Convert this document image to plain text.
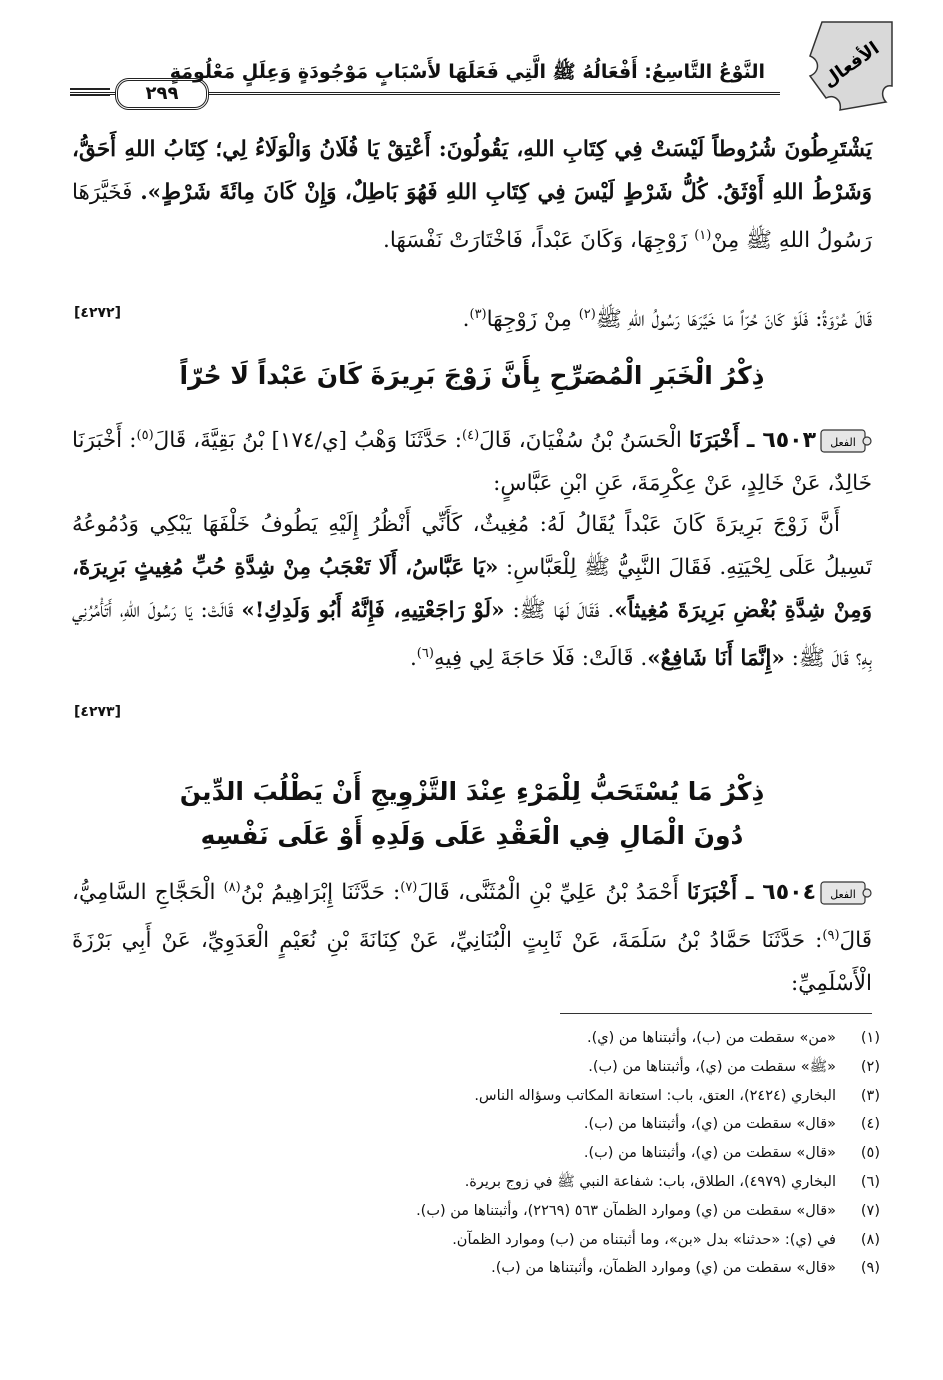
٢٩٩
النَّوْعُ التَّاسِعُ: أَفْعَالُهُ ﷺ الَّتِي فَعَلَهَا لأَسْبَابٍ مَوْجُودَةٍ وَعِلَلٍ مَعْلُومَةٍ	الأفعال
يَشْتَرِطُونَ شُرُوطاً لَيْسَتْ فِي كِتَابِ اللهِ، يَقُولُونَ: أَعْتِقْ يَا فُلَانُ وَالْوَلَاءُ لِي؛ كِتَابُ اللهِ أَحَقُّ، وَشَرْطُ اللهِ أَوْثَقُ. كُلُّ شَرْطٍ لَيْسَ فِي كِتَابِ اللهِ فَهُوَ بَاطِلٌ، وَإِنْ كَانَ مِائَةَ شَرْطٍ». فَخَيَّرَهَا رَسُولُ اللهِ ﷺ مِنْ$^{(١)}$ زَوْجِهَا، وَكَانَ عَبْداً، فَاخْتَارَتْ نَفْسَهَا.
قَالَ عُرْوَةُ: فَلَوْ كَانَ حُرّاً مَا خَيَّرَهَا رَسُولُ اللهِ ﷺ$^{(٢)}$ مِنْ زَوْجِهَا$^{(٣)}$.
[٤٢٧٢]
ذِكْرُ الْخَبَرِ الْمُصَرِّحِ بِأَنَّ زَوْجَ بَرِيرَةَ كَانَ عَبْداً لَا حُرّاً
الفعل
٦٥٠٣ ـ أَخْبَرَنَا الْحَسَنُ بْنُ سُفْيَانَ، قَالَ$^{(٤)}$: حَدَّثَنَا وَهْبُ [ي/١٧٤] بْنُ بَقِيَّةَ، قَالَ$^{(٥)}$: أَخْبَرَنَا خَالِدٌ، عَنْ خَالِدٍ، عَنْ عِكْرِمَةَ، عَنِ ابْنِ عَبَّاسٍ:
أَنَّ زَوْجَ بَرِيرَةَ كَانَ عَبْداً يُقَالُ لَهُ: مُغِيثٌ، كَأَنِّي أَنْظُرُ إِلَيْهِ يَطُوفُ خَلْفَهَا يَبْكِي وَدُمُوعُهُ تَسِيلُ عَلَى لِحْيَتِهِ. فَقَالَ النَّبِيُّ ﷺ لِلْعَبَّاسِ: «يَا عَبَّاسُ، أَلَا تَعْجَبُ مِنْ شِدَّةِ حُبِّ مُغِيثٍ بَرِيرَةَ، وَمِنْ شِدَّةِ بُغْضِ بَرِيرَةَ مُغِيثاً». فَقَالَ لَهَا ﷺ: «لَوْ رَاجَعْتِيهِ، فَإِنَّهُ أَبُو وَلَدِكِ!» قَالَتْ: يَا رَسُولَ اللهِ، أَتَأْمُرُنِي بِهِ؟ قَالَ ﷺ: «إِنَّمَا أَنَا شَافِعٌ». قَالَتْ: فَلَا حَاجَةَ لِي فِيهِ$^{(٦)}$.
[٤٢٧٣]
ذِكْرُ مَا يُسْتَحَبُّ لِلْمَرْءِ عِنْدَ التَّزْوِيجِ أَنْ يَطْلُبَ الدِّينَ
دُونَ الْمَالِ فِي الْعَقْدِ عَلَى وَلَدِهِ أَوْ عَلَى نَفْسِهِ
الفعل
٦٥٠٤ ـ أَخْبَرَنَا أَحْمَدُ بْنُ عَلِيِّ بْنِ الْمُثَنَّى، قَالَ$^{(٧)}$: حَدَّثَنَا إِبْرَاهِيمُ بْنُ$^{(٨)}$ الْحَجَّاجِ السَّامِيُّ، قَالَ$^{(٩)}$: حَدَّثَنَا حَمَّادُ بْنُ سَلَمَةَ، عَنْ ثَابِتٍ الْبُنَانِيِّ، عَنْ كِنَانَةَ بْنِ نُعَيْمٍ الْعَدَوِيِّ، عَنْ أَبِي بَرْزَةَ الْأَسْلَمِيِّ:
(١)
«من» سقطت من (ب)، وأثبتناها من (ي).
(٢)
«ﷺ» سقطت من (ي)، وأثبتناها من (ب).
(٣)
البخاري (٢٤٢٤)، العتق، باب: استعانة المكاتب وسؤاله الناس.
(٤)
«قال» سقطت من (ي)، وأثبتناها من (ب).
(٥)
«قال» سقطت من (ي)، وأثبتناها من (ب).
(٦)
البخاري (٤٩٧٩)، الطلاق، باب: شفاعة النبي ﷺ في زوج بريرة.
(٧)
«قال» سقطت من (ي) وموارد الظمآن ٥٦٣ (٢٢٦٩)، وأثبتناها من (ب).
(٨)
في (ي): «حدثنا» بدل «بن»، وما أثبتناه من (ب) وموارد الظمآن.
(٩)
«قال» سقطت من (ي) وموارد الظمآن، وأثبتناها من (ب).
